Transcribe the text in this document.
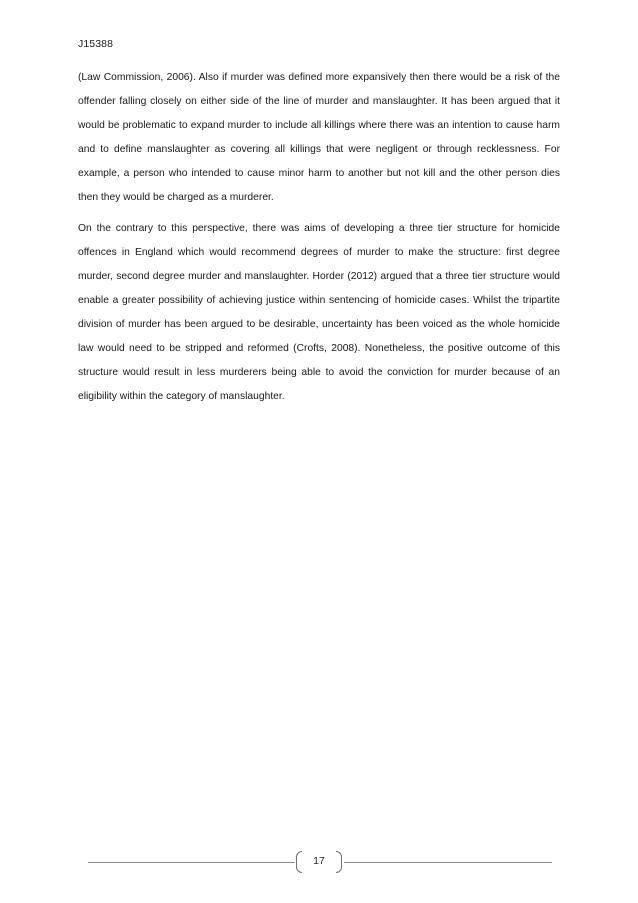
J15388

(Law Commission, 2006). Also if murder was defined more expansively then there would be a risk of the offender falling closely on either side of the line of murder and manslaughter. It has been argued that it would be problematic to expand murder to include all killings where there was an intention to cause harm and to define manslaughter as covering all killings that were negligent or through recklessness. For example, a person who intended to cause minor harm to another but not kill and the other person dies then they would be charged as a murderer.

On the contrary to this perspective, there was aims of developing a three tier structure for homicide offences in England which would recommend degrees of murder to make the structure: first degree murder, second degree murder and manslaughter. Horder (2012) argued that a three tier structure would enable a greater possibility of achieving justice within sentencing of homicide cases. Whilst the tripartite division of murder has been argued to be desirable, uncertainty has been voiced as the whole homicide law would need to be stripped and reformed (Crofts, 2008). Nonetheless, the positive outcome of this structure would result in less murderers being able to avoid the conviction for murder because of an eligibility within the category of manslaughter.

17
